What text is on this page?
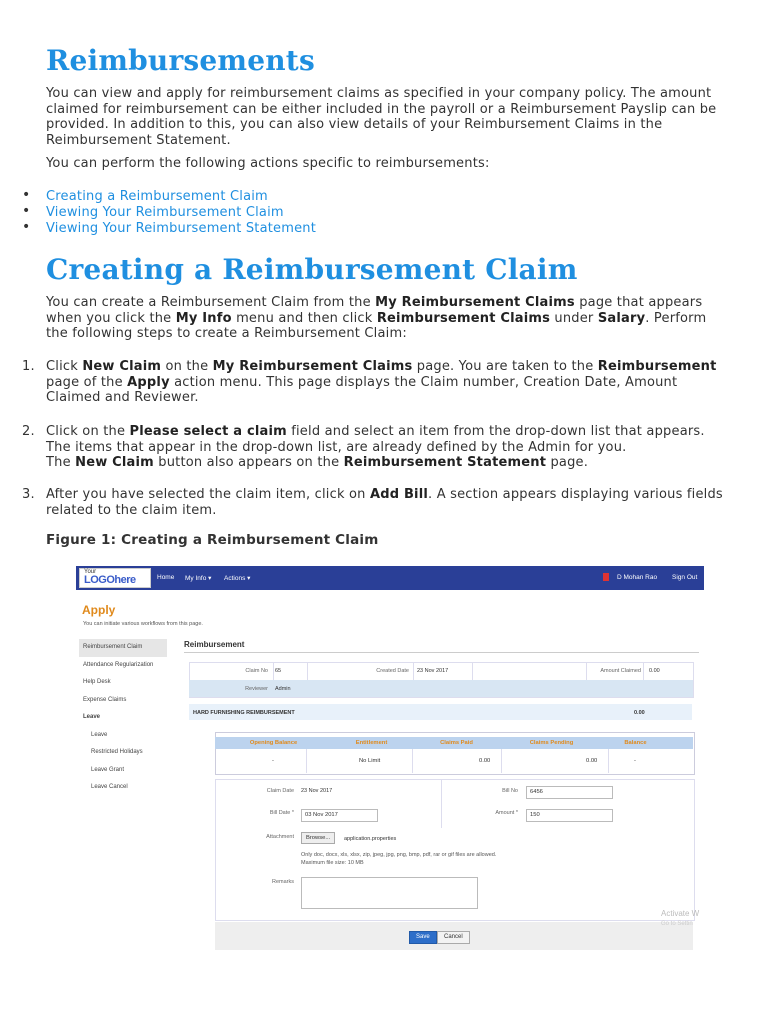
Reimbursements

You can view and apply for reimbursement claims as specified in your company policy. The amount claimed for reimbursement can be either included in the payroll or a Reimbursement Payslip can be provided. In addition to this, you can also view details of your Reimbursement Claims in the Reimbursement Statement.

You can perform the following actions specific to reimbursements:

• Creating a Reimbursement Claim
• Viewing Your Reimbursement Claim
• Viewing Your Reimbursement Statement
Creating a Reimbursement Claim

You can create a Reimbursement Claim from the My Reimbursement Claims page that appears when you click the My Info menu and then click Reimbursement Claims under Salary. Perform the following steps to create a Reimbursement Claim:

1. Click New Claim on the My Reimbursement Claims page. You are taken to the Reimbursement page of the Apply action menu. This page displays the Claim number, Creation Date, Amount Claimed and Reviewer.
2. Click on the Please select a claim field and select an item from the drop-down list that appears. The items that appear in the drop-down list, are already defined by the Admin for you.
The New Claim button also appears on the Reimbursement Statement page.
3. After you have selected the claim item, click on Add Bill. A section appears displaying various fields related to the claim item.
Figure 1: Creating a Reimbursement Claim
Your
LOGOhere	Home My Info ▾ Actions ▾	D Mohan Rao Sign Out
Apply
You can initiate various workflows from this page.
Reimbursement Claim
Attendance Regularization
Help Desk
Expense Claims
Leave
Leave
Restricted Holidays
Leave Grant
Leave Cancel
Reimbursement
Claim No 65	Created Date 23 Nov 2017	Amount Claimed 0.00
Reviewer Admin
HARD FURNISHING REIMBURSEMENT	0.00
Opening Balance	Entitlement	Claims Paid	Claims Pending	Balance
-	No Limit	0.00	0.00	-
Claim Date 23 Nov 2017	Bill No	6456
Bill Date *	03 Nov 2017	Amount *	150
Attachment	Browse...	application.properties
Only doc, docx, xls, xlsx, zip, jpeg, jpg, png, bmp, pdf, rar or gif files are allowed.
Maximum file size: 10 MB
Remarks
Save	Cancel
Activate W
Go to Settin
